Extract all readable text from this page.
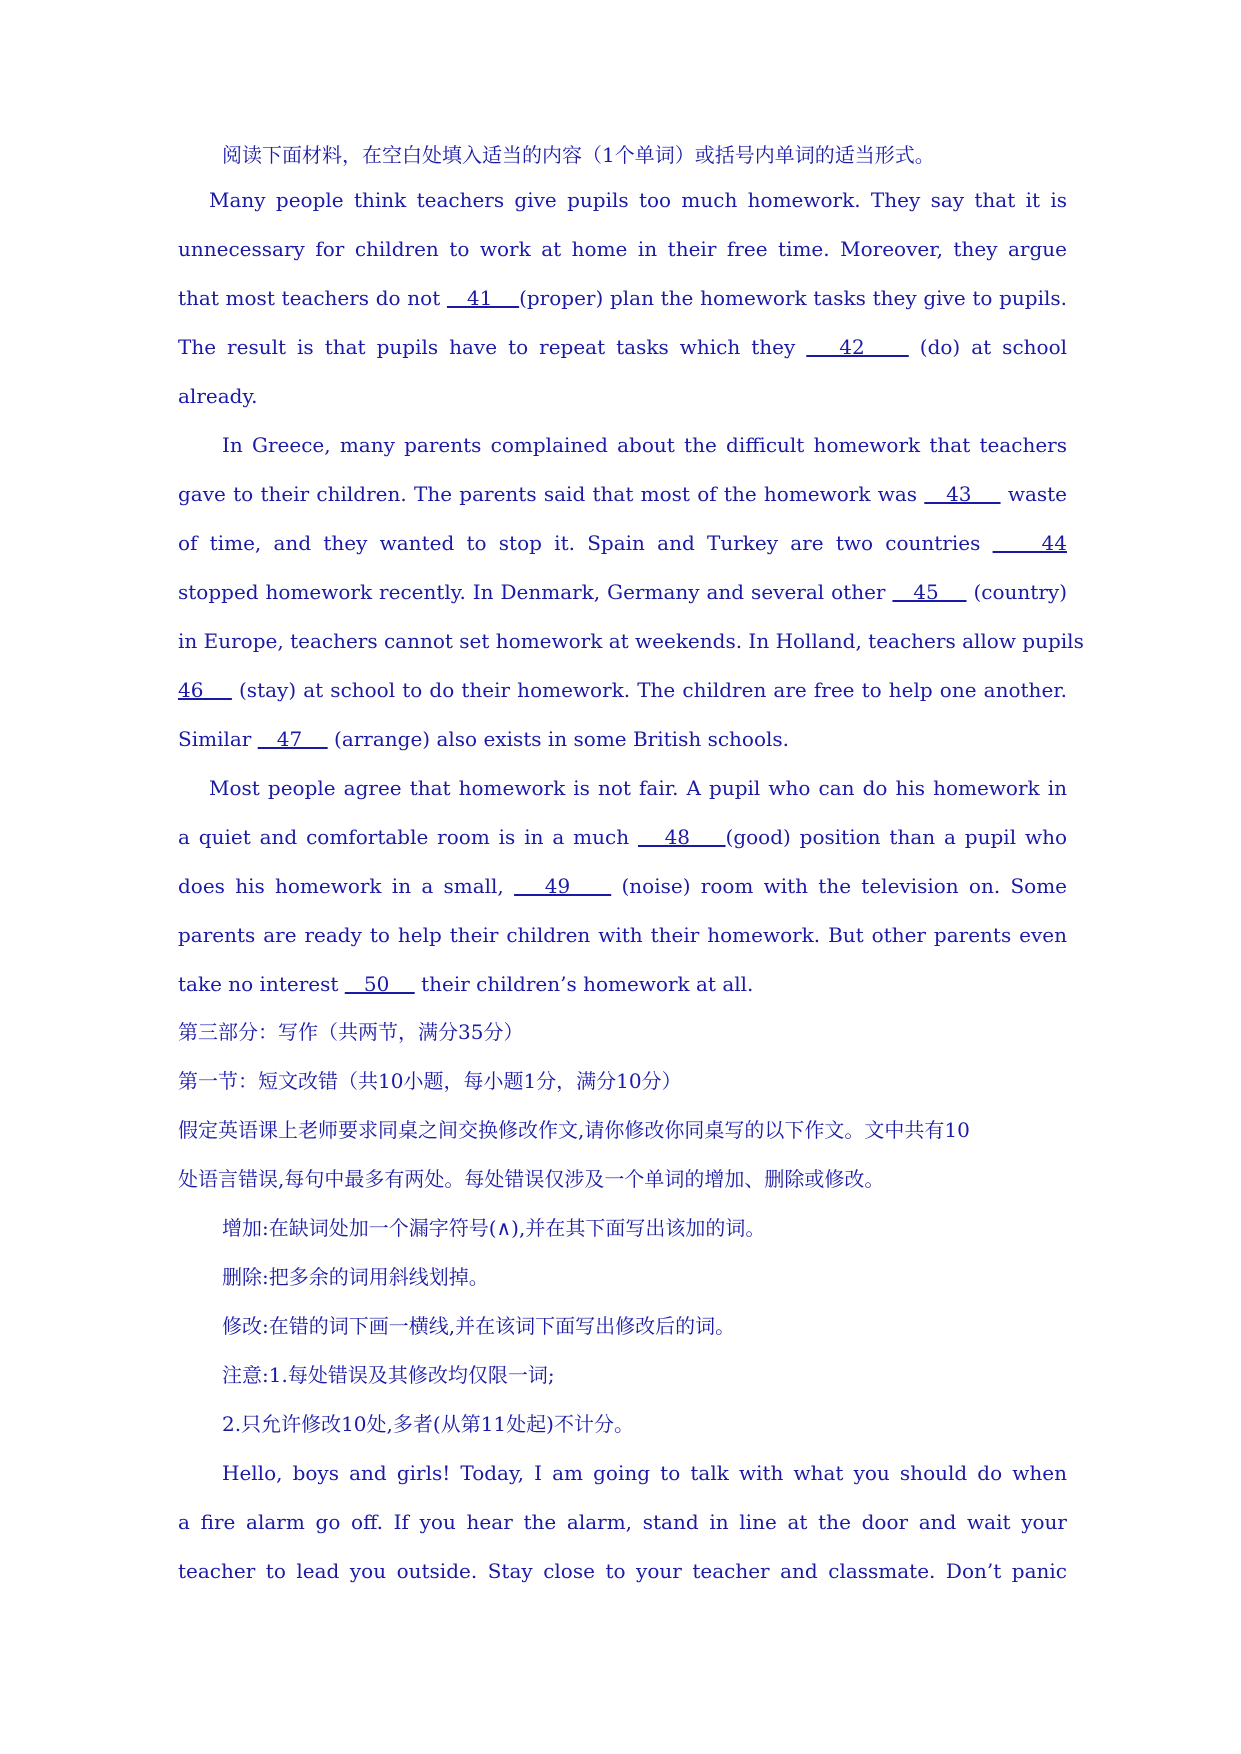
阅读下面材料，在空白处填入适当的内容（1个单词）或括号内单词的适当形式。
Many people think teachers give pupils too much homework. They say that it is
unnecessary for children to work at home in their free time. Moreover, they argue
that most teachers do not    41    (proper) plan the homework tasks they give to pupils.
The result is that pupils have to repeat tasks which they    42     (do) at school
already.
In Greece, many parents complained about the difficult homework that teachers
gave to their children. The parents said that most of the homework was    43     waste
of time, and they wanted to stop it. Spain and Turkey are two countries     44
stopped homework recently. In Denmark, Germany and several other    45     (country)
in Europe, teachers cannot set homework at weekends. In Holland, teachers allow pupils
46     (stay) at school to do their homework. The children are free to help one another.
Similar    47     (arrange) also exists in some British schools.
Most people agree that homework is not fair. A pupil who can do his homework in
a quiet and comfortable room is in a much    48    (good) position than a pupil who
does his homework in a small,    49     (noise) room with the television on. Some
parents are ready to help their children with their homework. But other parents even
take no interest    50     their children’s homework at all.
第三部分：写作（共两节，满分35分）
第一节：短文改错（共10小题，每小题1分，满分10分）
假定英语课上老师要求同桌之间交换修改作文,请你修改你同桌写的以下作文。文中共有10
处语言错误,每句中最多有两处。每处错误仅涉及一个单词的增加、删除或修改。
增加:在缺词处加一个漏字符号(∧),并在其下面写出该加的词。
删除:把多余的词用斜线划掉。
修改:在错的词下画一横线,并在该词下面写出修改后的词。
注意:1.每处错误及其修改均仅限一词;
2.只允许修改10处,多者(从第11处起)不计分。
Hello, boys and girls! Today, I am going to talk with what you should do when
a fire alarm go off. If you hear the alarm, stand in line at the door and wait your
teacher to lead you outside. Stay close to your teacher and classmate. Don’t panic
